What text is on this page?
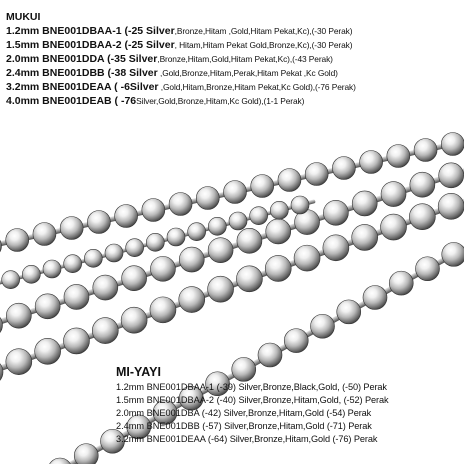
MUKUI
1.2mm BNE001DBAA-1 (-25 Silver,Bronze,Hitam ,Gold,Hitam Pekat,Kc),(-30 Perak)
1.5mm BNE001DBAA-2 (-25 Silver, Hitam,Hitam Pekat Gold,Bronze,Kc),(-30 Perak)
2.0mm BNE001DDA (-35 Silver,Bronze,Hitam,Gold,Hitam Pekat,Kc),(-43 Perak)
2.4mm BNE001DBB (-38 Silver ,Gold,Bronze,Hitam,Perak,Hitam Pekat ,Kc Gold)
3.2mm BNE001DEAA ( -6Silver ,Gold,Hitam,Bronze,Hitam Pekat,Kc Gold),(-76 Perak)
4.0mm BNE001DEAB ( -76Silver,Gold,Bronze,Hitam,Kc Gold),(1-1 Perak)
MI-YAYI
1.2mm BNE001DBAA-1 (-39) Silver,Bronze,Black,Gold, (-50) Perak
1.5mm BNE001DBAA-2 (-40) Silver,Bronze,Hitam,Gold, (-52) Perak
2.0mm BNE001DBA (-42) Silver,Bronze,Hitam,Gold (-54) Perak
2.4mm BNE001DBB (-57) Silver,Bronze,Hitam,Gold (-71) Perak
3.2mm BNE001DEAA (-64) Silver,Bronze,Hitam,Gold (-76) Perak
